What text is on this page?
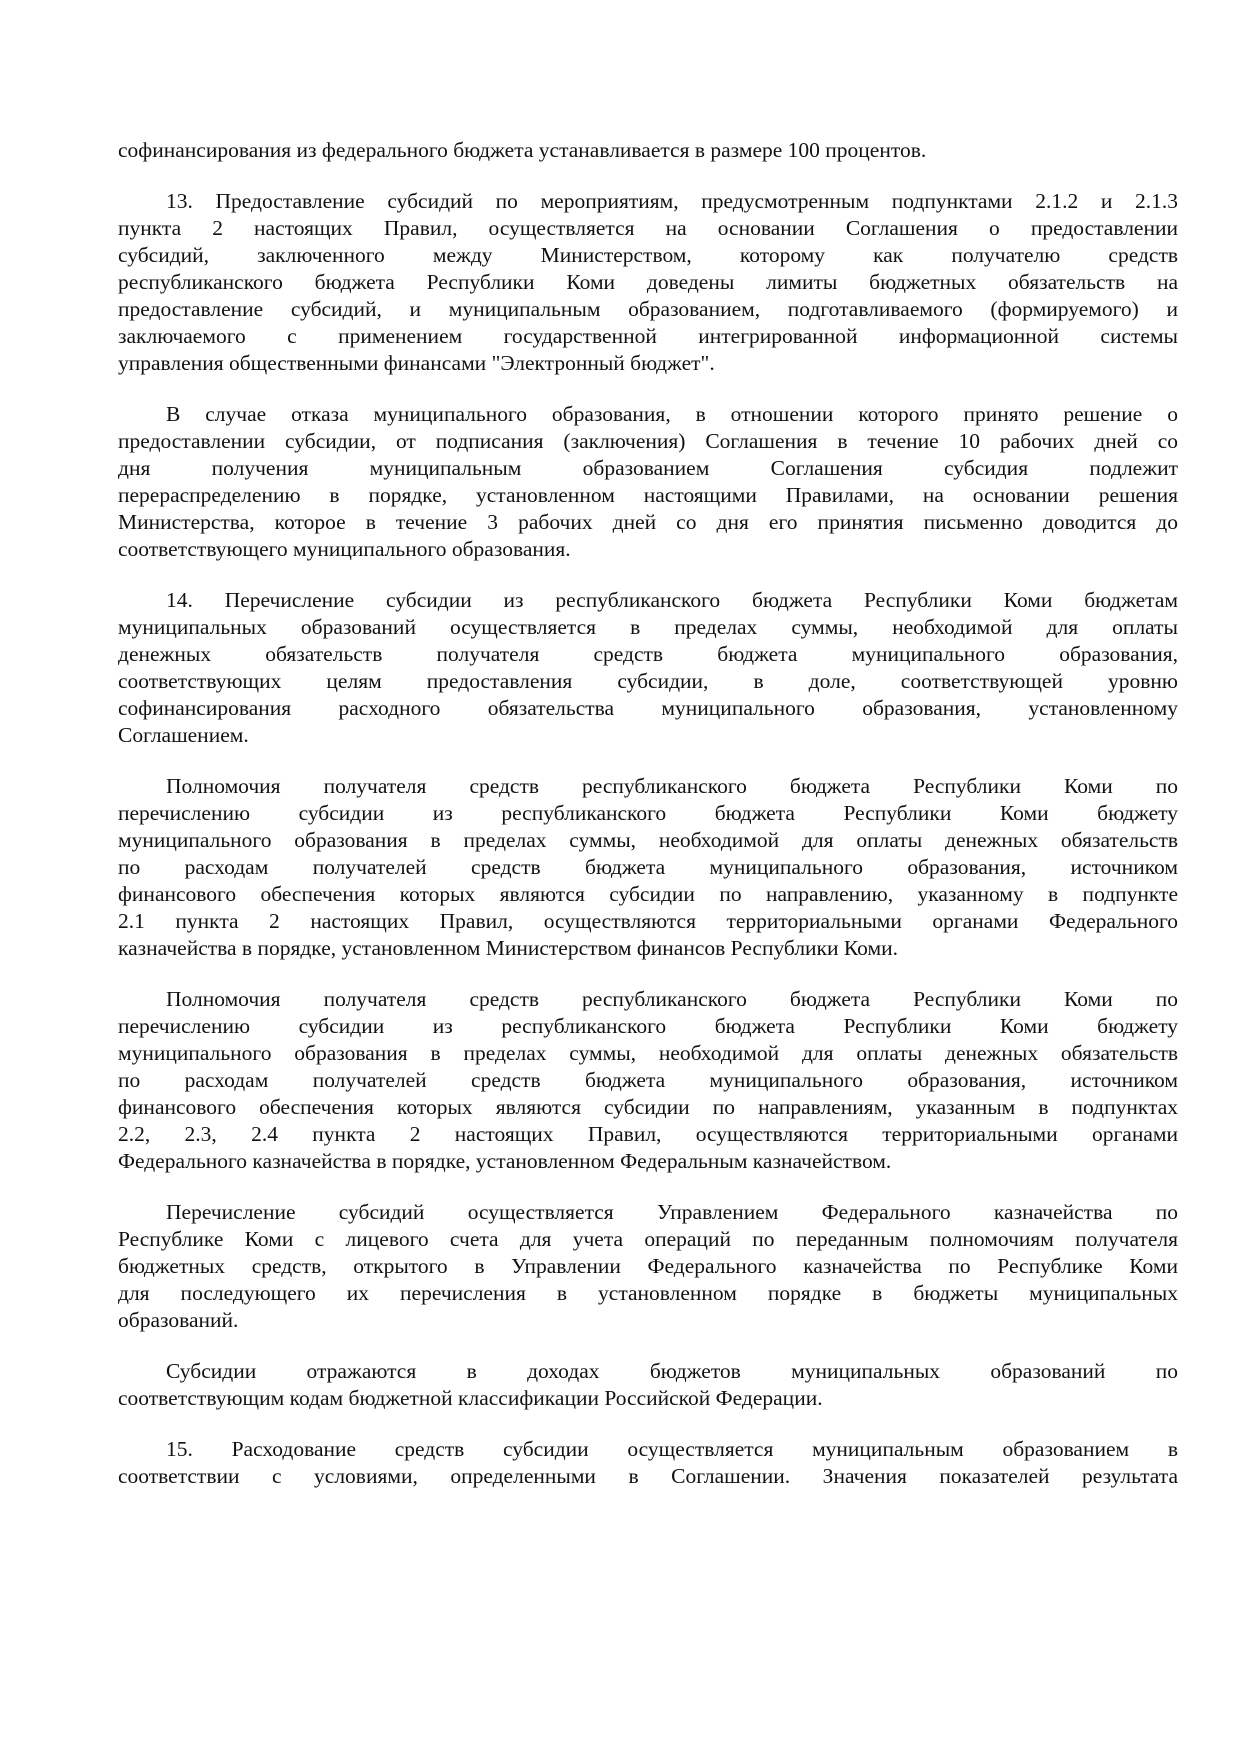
софинансирования из федерального бюджета устанавливается в размере 100 процентов.
13. Предоставление субсидий по мероприятиям, предусмотренным подпунктами 2.1.2 и 2.1.3
пункта 2 настоящих Правил, осуществляется на основании Соглашения о предоставлении
субсидий, заключенного между Министерством, которому как получателю средств
республиканского бюджета Республики Коми доведены лимиты бюджетных обязательств на
предоставление субсидий, и муниципальным образованием, подготавливаемого (формируемого) и
заключаемого с применением государственной интегрированной информационной системы
управления общественными финансами "Электронный бюджет".
В случае отказа муниципального образования, в отношении которого принято решение о
предоставлении субсидии, от подписания (заключения) Соглашения в течение 10 рабочих дней со
дня получения муниципальным образованием Соглашения субсидия подлежит
перераспределению в порядке, установленном настоящими Правилами, на основании решения
Министерства, которое в течение 3 рабочих дней со дня его принятия письменно доводится до
соответствующего муниципального образования.
14. Перечисление субсидии из республиканского бюджета Республики Коми бюджетам
муниципальных образований осуществляется в пределах суммы, необходимой для оплаты
денежных обязательств получателя средств бюджета муниципального образования,
соответствующих целям предоставления субсидии, в доле, соответствующей уровню
софинансирования расходного обязательства муниципального образования, установленному
Соглашением.
Полномочия получателя средств республиканского бюджета Республики Коми по
перечислению субсидии из республиканского бюджета Республики Коми бюджету
муниципального образования в пределах суммы, необходимой для оплаты денежных обязательств
по расходам получателей средств бюджета муниципального образования, источником
финансового обеспечения которых являются субсидии по направлению, указанному в подпункте
2.1 пункта 2 настоящих Правил, осуществляются территориальными органами Федерального
казначейства в порядке, установленном Министерством финансов Республики Коми.
Полномочия получателя средств республиканского бюджета Республики Коми по
перечислению субсидии из республиканского бюджета Республики Коми бюджету
муниципального образования в пределах суммы, необходимой для оплаты денежных обязательств
по расходам получателей средств бюджета муниципального образования, источником
финансового обеспечения которых являются субсидии по направлениям, указанным в подпунктах
2.2, 2.3, 2.4 пункта 2 настоящих Правил, осуществляются территориальными органами
Федерального казначейства в порядке, установленном Федеральным казначейством.
Перечисление субсидий осуществляется Управлением Федерального казначейства по
Республике Коми с лицевого счета для учета операций по переданным полномочиям получателя
бюджетных средств, открытого в Управлении Федерального казначейства по Республике Коми
для последующего их перечисления в установленном порядке в бюджеты муниципальных
образований.
Субсидии отражаются в доходах бюджетов муниципальных образований по
соответствующим кодам бюджетной классификации Российской Федерации.
15. Расходование средств субсидии осуществляется муниципальным образованием в
соответствии с условиями, определенными в Соглашении. Значения показателей результата
